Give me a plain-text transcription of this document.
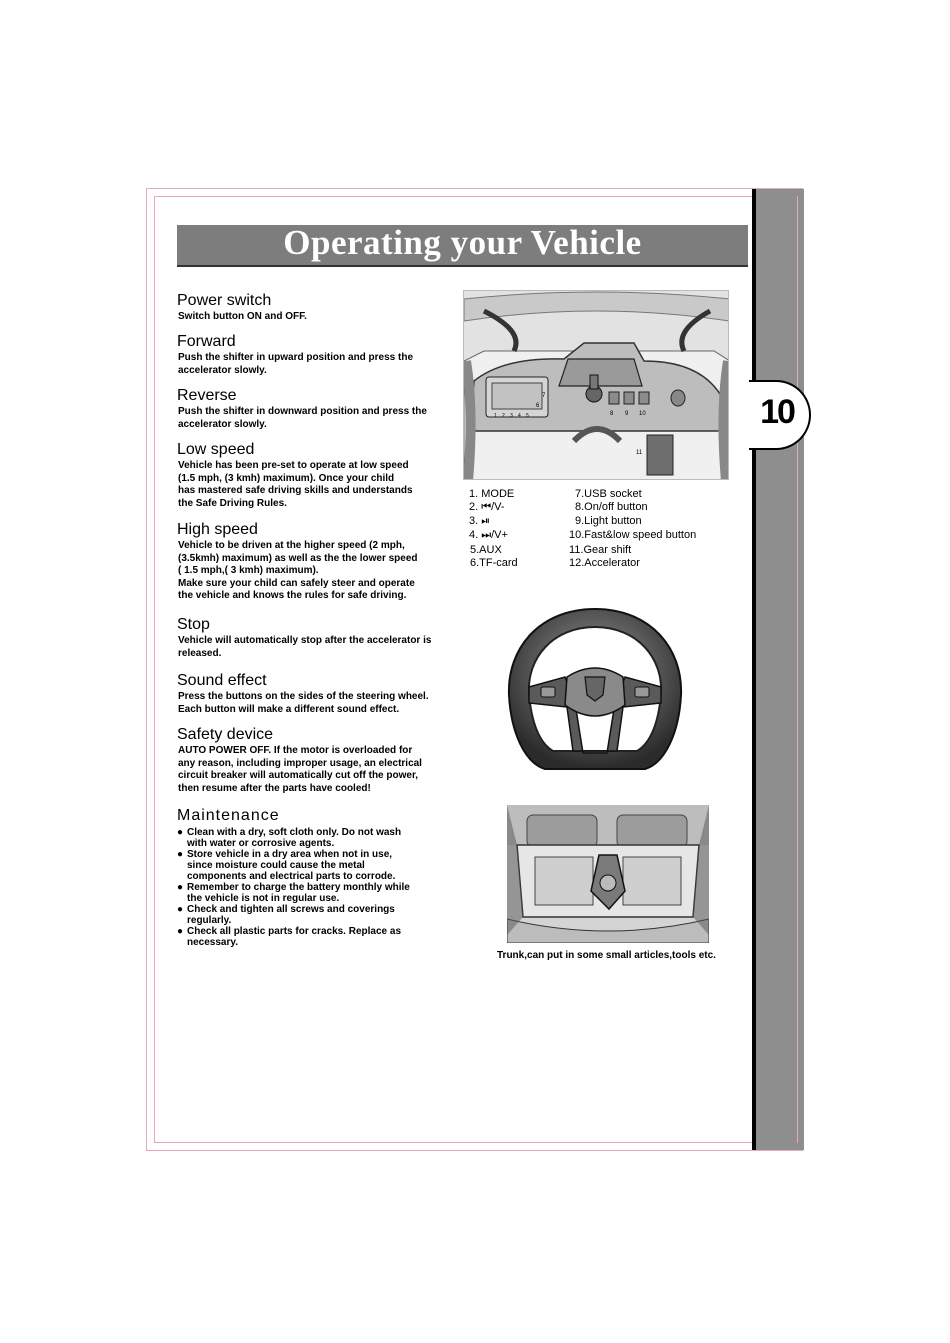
10
Operating your Vehicle
Power switch

Switch button ON and OFF.

Forward

Push the shifter in upward position and press the
accelerator slowly.

Reverse

Push the shifter in downward position and press the
accelerator slowly.

Low speed

Vehicle has been pre-set to operate at low speed
(1.5 mph, (3 kmh) maximum). Once your child
has mastered safe driving skills and understands
the Safe Driving Rules.

High speed

Vehicle to be driven at the higher speed (2 mph,
(3.5kmh) maximum) as well as the the lower speed
( 1.5 mph,( 3 kmh) maximum).
Make sure your child can safely steer and operate
the vehicle and knows the rules for safe driving.

Stop

Vehicle will automatically stop after the accelerator is
released.

Sound effect

Press the buttons on the sides of the steering wheel.
Each button will make a different sound effect.

Safety device

AUTO POWER OFF. If the motor is overloaded for
any reason, including improper usage, an electrical
circuit breaker will automatically cut off the power,
then resume after the parts have cooled!

Maintenance
● Clean with a dry, soft cloth only. Do not wash
with water or corrosive agents.
● Store vehicle in a dry area when not in use,
since moisture could cause the metal
components and electrical parts to corrode.
● Remember to charge the battery monthly while
the vehicle is not in regular use.
● Check and tighten all screws and coverings
regularly.
● Check all plastic parts for cracks. Replace as
necessary.
7
1 2 3 4 5
6
8 9 10
11
1. MODE
2. ⏮/V-
3. ⏯
4. ⏭/V+
5.AUX
6.TF-card
7.USB socket
8.On/off button
9.Light button
10.Fast&low speed button
11.Gear shift
12.Accelerator
Horn	Music
Trunk,can put in some small articles,tools etc.
